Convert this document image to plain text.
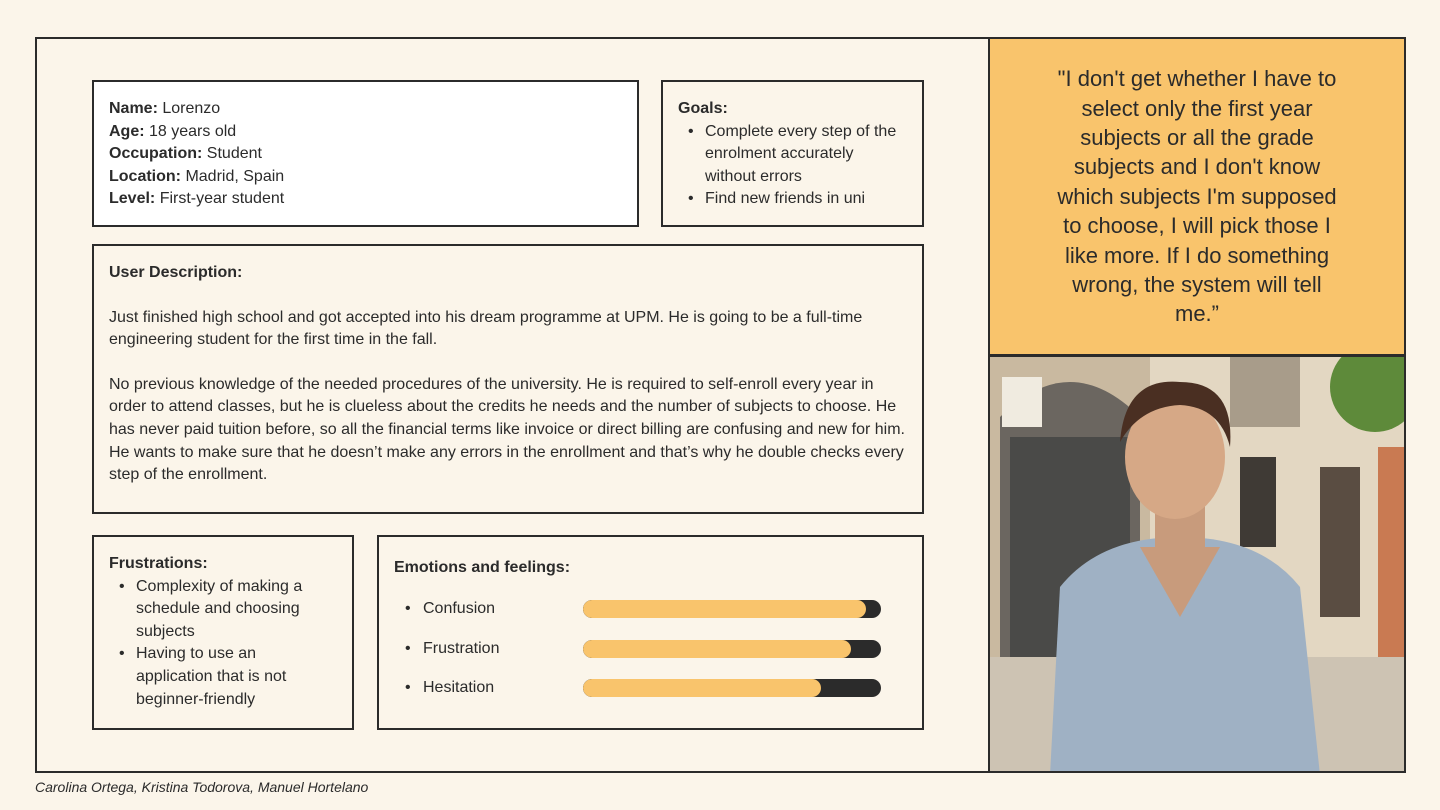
Name: Lorenzo
Age: 18 years old
Occupation: Student
Location: Madrid, Spain
Level: First-year student
Goals:
• Complete every step of the enrolment accurately without errors
• Find new friends in uni
User Description:

Just finished high school and got accepted into his dream programme at UPM. He is going to be a full-time engineering student for the first time in the fall.

No previous knowledge of the needed procedures of the university. He is required to self-enroll every year in order to attend classes, but he is clueless about the credits he needs and the number of subjects to choose. He has never paid tuition before, so all the financial terms like invoice or direct billing are confusing and new for him. He wants to make sure that he doesn’t make any errors in the enrollment and that’s why he double checks every step of the enrollment.

Frustrations:
• Complexity of making a schedule and choosing subjects
• Having to use an application that is not beginner-friendly
Emotions and feelings:
• Confusion
• Frustration
• Hesitation
"I don't get whether I have to select only the first year subjects or all the grade subjects and I don't know which subjects I'm supposed to choose, I will pick those I like more. If I do something wrong, the system will tell me.”
Carolina Ortega, Kristina Todorova, Manuel Hortelano
